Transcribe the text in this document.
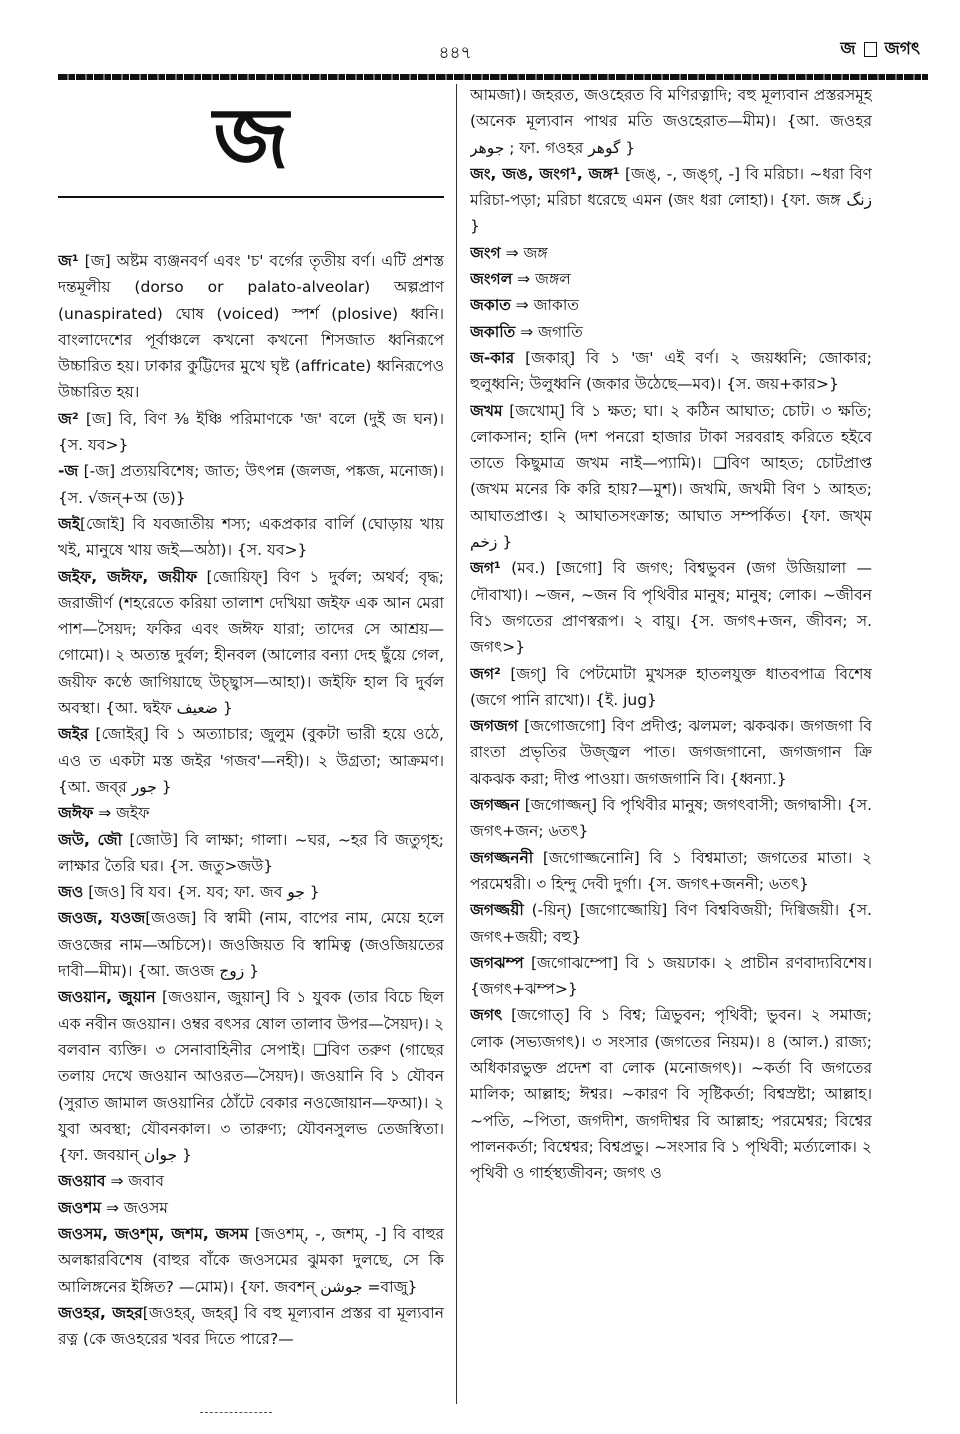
৪৪৭	জ জগৎ
জ

জ¹ [জ] অষ্টম ব্যঞ্জনবর্ণ এবং 'চ' বর্গের তৃতীয় বর্ণ। এটি প্রশস্ত দন্তমূলীয় (dorso or palato-alveolar) অল্পপ্রাণ (unaspirated) ঘোষ (voiced) স্পর্শ (plosive) ধ্বনি। বাংলাদেশের পূর্বাঞ্চলে কখনো কখনো শিসজাত ধ্বনিরূপে উচ্চারিত হয়। ঢাকার কুট্টিদের মুখে ঘৃষ্ট (affricate) ধ্বনিরূপেও উচ্চারিত হয়।

জ² [জ] বি, বিণ ⅜ ইঞ্চি পরিমাণকে 'জ' বলে (দুই জ ঘন)। {স. যব>}

-জ [-জ] প্রত্যয়বিশেষ; জাত; উৎপন্ন (জলজ, পঙ্কজ, মনোজ)। {স. √জন্+অ (ড)}

জই[জোই] বি যবজাতীয় শস্য; একপ্রকার বার্লি (ঘোড়ায় খায় খই, মানুষে খায় জই—অঠা)। {স. যব>}

জইফ, জঈফ, জয়ীফ [জোয়িফ্] বিণ ১ দুর্বল; অথর্ব; বৃদ্ধ; জরাজীর্ণ (শহরেতে করিয়া তালাশ দেখিয়া জইফ এক আন মেরা পাশ—সৈয়দ; ফকির এবং জঈফ যারা; তাদের সে আশ্রয়—গোমো)। ২ অত্যন্ত দুর্বল; হীনবল (আলোর বন্যা দেহ ছুঁয়ে গেল, জয়ীফ কণ্ঠে জাগিয়াছে উচ্ছ্বাস—আহা)। জইফি হাল বি দুর্বল অবস্থা। {আ. দ্বইফ ضعیف }

জইর [জোইর্] বি ১ অত্যাচার; জুলুম (বুকটা ভারী হয়ে ওঠে, এও ত একটা মস্ত জইর 'গজব'—নহী)। ২ উগ্রতা; আক্রমণ। {আ. জব্‌র جور }

জঈফ ⇒ জইফ

জউ, জৌ [জোউ] বি লাক্ষা; গালা। ~ঘর, ~হর বি জতুগৃহ; লাক্ষার তৈরি ঘর। {স. জতু>জউ}

জও [জও] বি যব। {স. যব; ফা. জব جو }

জওজ, যওজ[জওজ] বি স্বামী (নাম, বাপের নাম, মেয়ে হলে জওজের নাম—অচিসে)। জওজিয়ত বি স্বামিত্ব (জওজিয়তের দাবী—মীম)। {আ. জওজ زوج }

জওয়ান, জুয়ান [জওয়ান, জুয়ান্] বি ১ যুবক (তার বিচে ছিল এক নবীন জওয়ান। ওম্বর বৎসর ষোল তালাব উপর—সৈয়দ)। ২ বলবান ব্যক্তি। ৩ সেনাবাহিনীর সেপাই। ❑বিণ তরুণ (গাছের তলায় দেখে জওয়ান আওরত—সৈয়দ)। জওয়ানি বি ১ যৌবন (সুরাত জামাল জওয়ানির ঠোঁটে বেকার নওজোয়ান—ফআ)। ২ যুবা অবস্থা; যৌবনকাল। ৩ তারুণ্য; যৌবনসুলভ তেজস্বিতা। {ফা. জবয়ান্ جوان }

জওয়াব ⇒ জবাব

জওশম ⇒ জওসম

জওসম, জওশ্‌ম, জশম, জসম [জওশম্, -, জশম্, -] বি বাহুর অলঙ্কারবিশেষ (বাহুর বাঁকে জওসমের ঝুমকা দুলছে, সে কি আলিঙ্গনের ইঙ্গিত? —মোম)। {ফা. জবশন্ جوشن =বাজু}

জওহর, জহর[জওহর্, জহর্] বি বহু মূল্যবান প্রস্তর বা মূল্যবান রত্ন (কে জওহরের খবর দিতে পারে?—

আমজা)। জহরত, জওহেরত বি মণিরত্নাদি; বহু মূল্যবান প্রস্তরসমূহ (অনেক মূল্যবান পাথর মতি জওহেরাত—মীম)। {আ. জওহর جوهر ; ফা. গওহর گوهر }

জং, জঙ, জংগ¹, জঙ্গ¹ [জঙ্, -, জঙ্গ্, -] বি মরিচা। ~ধরা বিণ মরিচা-পড়া; মরিচা ধরেছে এমন (জং ধরা লোহা)। {ফা. জঙ্গ زنگ }

জংগ ⇒ জঙ্গ

জংগল ⇒ জঙ্গল

জকাত ⇒ জাকাত

জকাতি ⇒ জগাতি

জ-কার [জকার্] বি ১ 'জ' এই বর্ণ। ২ জয়ধ্বনি; জোকার; হুলুধ্বনি; উলুধ্বনি (জকার উঠেছে—মব)। {স. জয়+কার>}

জখম [জখোম্] বি ১ ক্ষত; ঘা। ২ কঠিন আঘাত; চোট। ৩ ক্ষতি; লোকসান; হানি (দশ পনরো হাজার টাকা সরবরাহ করিতে হইবে তাতে কিছুমাত্র জখম নাই—প্যামি)। ❑বিণ আহত; চোটপ্রাপ্ত (জখম মনের কি করি হায়?—মুশ)। জখমি, জখমী বিণ ১ আহত; আঘাতপ্রাপ্ত। ২ আঘাতসংক্রান্ত; আঘাত সম্পর্কিত। {ফা. জখ্‌ম زخم }

জগ¹ (মব.) [জগো] বি জগৎ; বিশ্বভুবন (জগ উজিয়ালা —দৌবাখা)। ~জন, ~জন বি পৃথিবীর মানুষ; মানুষ; লোক। ~জীবন বি১ জগতের প্রাণস্বরূপ। ২ বায়ু। {স. জগৎ+জন, জীবন; স. জগৎ>}

জগ² [জগ্] বি পেটমোটা মুখসরু হাতলযুক্ত ধাতবপাত্র বিশেষ (জগে পানি রাখো)। {ই. jug}

জগজগ [জগোজগো] বিণ প্রদীপ্ত; ঝলমল; ঝকঝক। জগজগা বি রাংতা প্রভৃতির উজ্জ্বল পাত। জগজগানো, জগজগান ক্রি ঝকঝক করা; দীপ্ত পাওয়া। জগজগানি বি। {ধ্বন্যা.}

জগজ্জন [জগোজ্জন্] বি পৃথিবীর মানুষ; জগৎবাসী; জগদ্বাসী। {স. জগৎ+জন; ৬তৎ}

জগজ্জননী [জগোজ্জনোনি] বি ১ বিশ্বমাতা; জগতের মাতা। ২ পরমেশ্বরী। ৩ হিন্দু দেবী দুর্গা। {স. জগৎ+জননী; ৬তৎ}

জগজ্জয়ী (-য়িন্) [জগোজ্জোয়ি] বিণ বিশ্ববিজয়ী; দিগ্বিজয়ী। {স. জগৎ+জয়ী; বহু}

জগঝম্প [জগোঝম্পো] বি ১ জয়ঢাক। ২ প্রাচীন রণবাদ্যবিশেষ। {জগৎ+ঝম্প>}

জগৎ [জগোত্] বি ১ বিশ্ব; ত্রিভুবন; পৃথিবী; ভুবন। ২ সমাজ; লোক (সভ্যজগৎ)। ৩ সংসার (জগতের নিয়ম)। ৪ (আল.) রাজ্য; অধিকারভুক্ত প্রদেশ বা লোক (মনোজগৎ)। ~কর্তা বি জগতের মালিক; আল্লাহ; ঈশ্বর। ~কারণ বি সৃষ্টিকর্তা; বিশ্বস্রষ্টা; আল্লাহ। ~পতি, ~পিতা, জগদীশ, জগদীশ্বর বি আল্লাহ; পরমেশ্বর; বিশ্বের পালনকর্তা; বিশ্বেশ্বর; বিশ্বপ্রভু। ~সংসার বি ১ পৃথিবী; মর্ত্যলোক। ২ পৃথিবী ও গার্হস্থ্যজীবন; জগৎ ও
